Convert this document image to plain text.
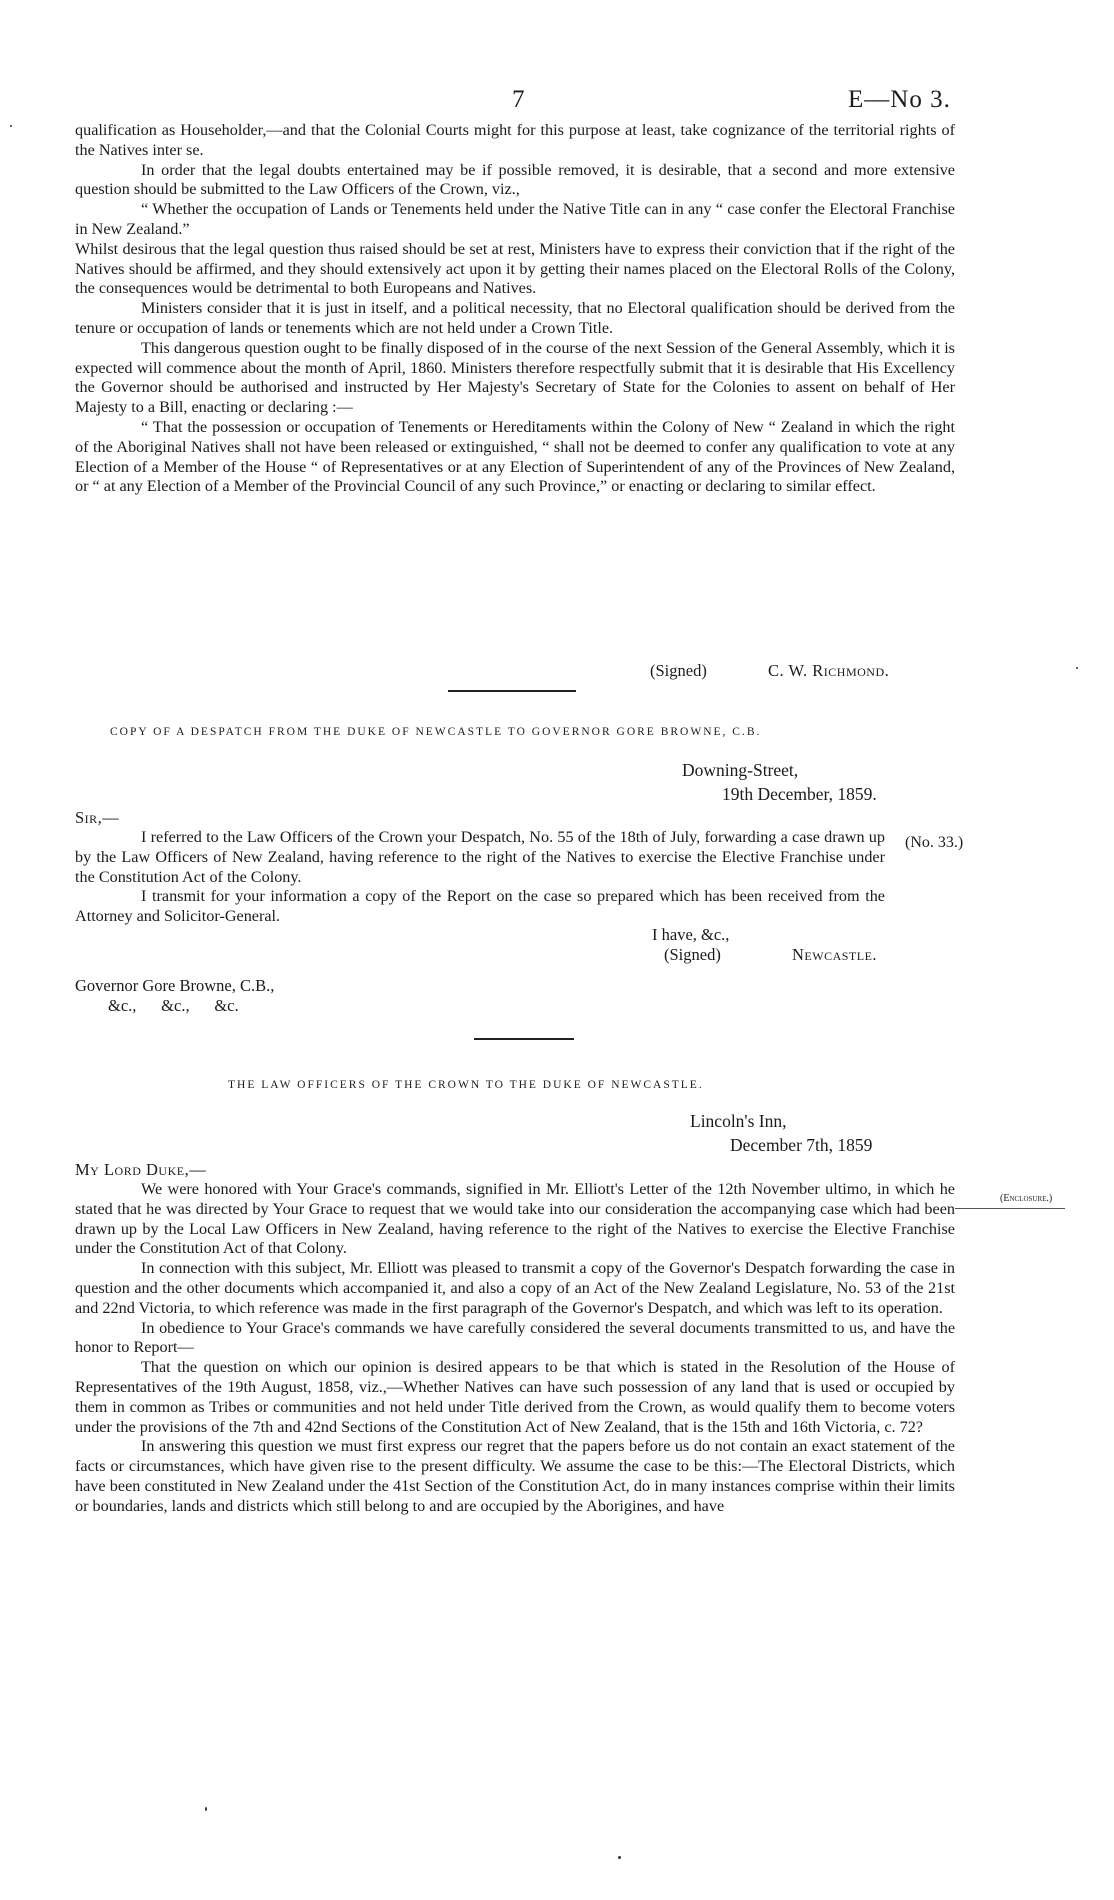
7	E—No 3.

qualification as Householder,—and that the Colonial Courts might for this purpose at least, take cognizance of the territorial rights of the Natives inter se.

In order that the legal doubts entertained may be if possible removed, it is desirable, that a second and more extensive question should be submitted to the Law Officers of the Crown, viz.,

“ Whether the occupation of Lands or Tenements held under the Native Title can in any “ case confer the Electoral Franchise in New Zealand.”

Whilst desirous that the legal question thus raised should be set at rest, Ministers have to express their conviction that if the right of the Natives should be affirmed, and they should extensively act upon it by getting their names placed on the Electoral Rolls of the Colony, the consequences would be detrimental to both Europeans and Natives.

Ministers consider that it is just in itself, and a political necessity, that no Electoral qualification should be derived from the tenure or occupation of lands or tenements which are not held under a Crown Title.

This dangerous question ought to be finally disposed of in the course of the next Session of the General Assembly, which it is expected will commence about the month of April, 1860. Ministers therefore respectfully submit that it is desirable that His Excellency the Governor should be authorised and instructed by Her Majesty's Secretary of State for the Colonies to assent on behalf of Her Majesty to a Bill, enacting or declaring :—

“ That the possession or occupation of Tenements or Hereditaments within the Colony of New “ Zealand in which the right of the Aboriginal Natives shall not have been released or extinguished, “ shall not be deemed to confer any qualification to vote at any Election of a Member of the House “ of Representatives or at any Election of Superintendent of any of the Provinces of New Zealand, or “ at any Election of a Member of the Provincial Council of any such Province,” or enacting or declaring to similar effect.

(Signed)	C. W. Richmond.
COPY OF A DESPATCH FROM THE DUKE OF NEWCASTLE TO GOVERNOR GORE BROWNE, C.B.
Downing-Street,
19th December, 1859.
Sir,—

I referred to the Law Officers of the Crown your Despatch, No. 55 of the 18th of July, forwarding a case drawn up by the Law Officers of New Zealand, having reference to the right of the Natives to exercise the Elective Franchise under the Constitution Act of the Colony.

I transmit for your information a copy of the Report on the case so prepared which has been received from the Attorney and Solicitor-General.

(No. 33.)
I have, &c.,
(Signed)	Newcastle.
Governor Gore Browne, C.B.,
&c.,      &c.,      &c.
THE LAW OFFICERS OF THE CROWN TO THE DUKE OF NEWCASTLE.
Lincoln's Inn,
December 7th, 1859
My Lord Duke,—

We were honored with Your Grace's commands, signified in Mr. Elliott's Letter of the 12th November ultimo, in which he stated that he was directed by Your Grace to request that we would take into our consideration the accompanying case which had been drawn up by the Local Law Officers in New Zealand, having reference to the right of the Natives to exercise the Elective Franchise under the Constitution Act of that Colony.

In connection with this subject, Mr. Elliott was pleased to transmit a copy of the Governor's Despatch forwarding the case in question and the other documents which accompanied it, and also a copy of an Act of the New Zealand Legislature, No. 53 of the 21st and 22nd Victoria, to which reference was made in the first paragraph of the Governor's Despatch, and which was left to its operation.

In obedience to Your Grace's commands we have carefully considered the several documents transmitted to us, and have the honor to Report—

That the question on which our opinion is desired appears to be that which is stated in the Resolution of the House of Representatives of the 19th August, 1858, viz.,—Whether Natives can have such possession of any land that is used or occupied by them in common as Tribes or communities and not held under Title derived from the Crown, as would qualify them to become voters under the provisions of the 7th and 42nd Sections of the Constitution Act of New Zealand, that is the 15th and 16th Victoria, c. 72?

In answering this question we must first express our regret that the papers before us do not contain an exact statement of the facts or circumstances, which have given rise to the present difficulty. We assume the case to be this:—The Electoral Districts, which have been constituted in New Zealand under the 41st Section of the Constitution Act, do in many instances comprise within their limits or boundaries, lands and districts which still belong to and are occupied by the Aborigines, and have

(Enclosure.)
